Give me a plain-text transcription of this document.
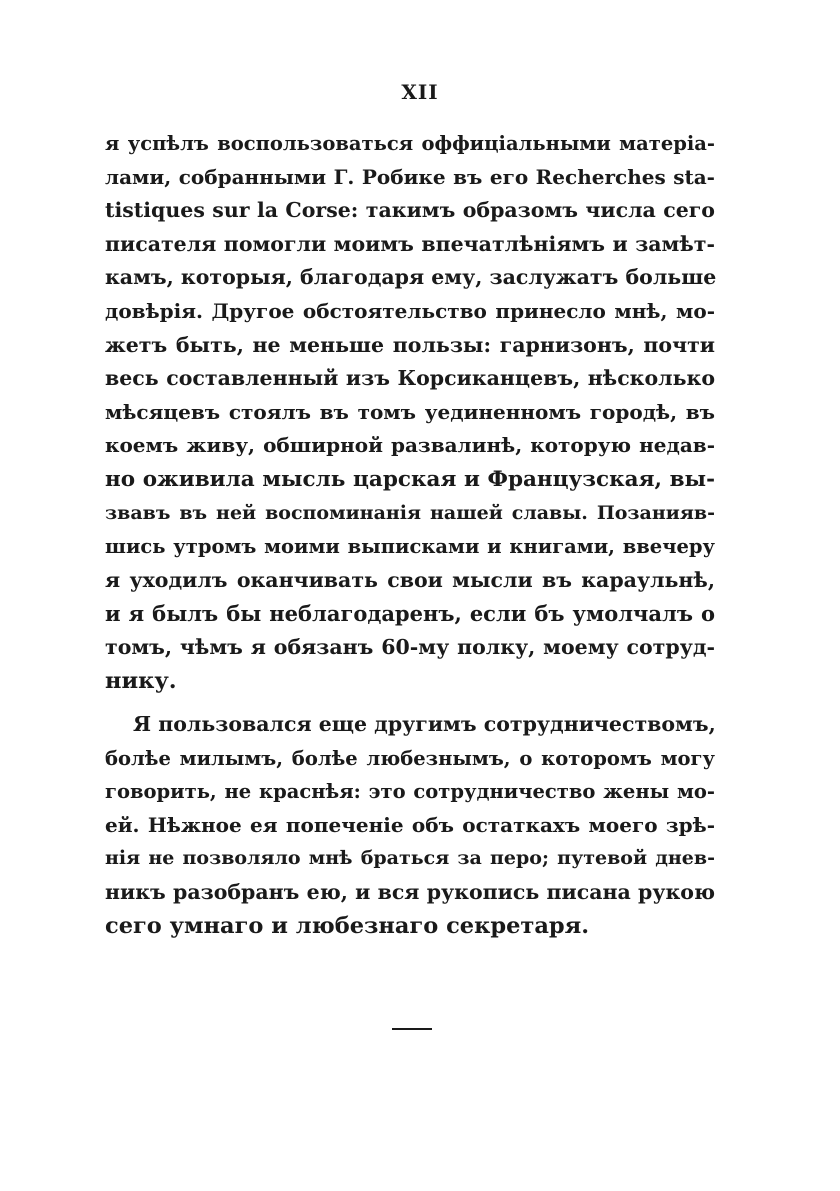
XII
я успѣлъ воспользоваться оффиціальными матеріа-
лами, собранными Г. Робике въ его Recherches sta-
tistiques sur la Corse: такимъ образомъ числа сего
писателя помогли моимъ впечатлѣніямъ и замѣт-
камъ, которыя, благодаря ему, заслужатъ больше
довѣрія. Другое обстоятельство принесло мнѣ, мо-
жетъ быть, не меньше пользы: гарнизонъ, почти
весь составленный изъ Корсиканцевъ, нѣсколько
мѣсяцевъ стоялъ въ томъ уединенномъ городѣ, въ
коемъ живу, обширной развалинѣ, которую недав-
но оживила мысль царская и Французская, вы-
звавъ въ ней воспоминанія нашей славы. Позанияв-
шись утромъ моими выписками и книгами, ввечеру
я уходилъ оканчивать свои мысли въ караульнѣ,
и я былъ бы неблагодаренъ, если бъ умолчалъ о
томъ, чѣмъ я обязанъ 60-му полку, моему сотруд-
нику.
Я пользовался еще другимъ сотрудничествомъ,
болѣе милымъ, болѣе любезнымъ, о которомъ могу
говорить, не краснѣя: это сотрудничество жены мо-
ей. Нѣжное ея попеченіе объ остаткахъ моего зрѣ-
нія не позволяло мнѣ браться за перо; путевой днев-
никъ разобранъ ею, и вся рукопись писана рукою
сего умнаго и любезнаго секретаря.
